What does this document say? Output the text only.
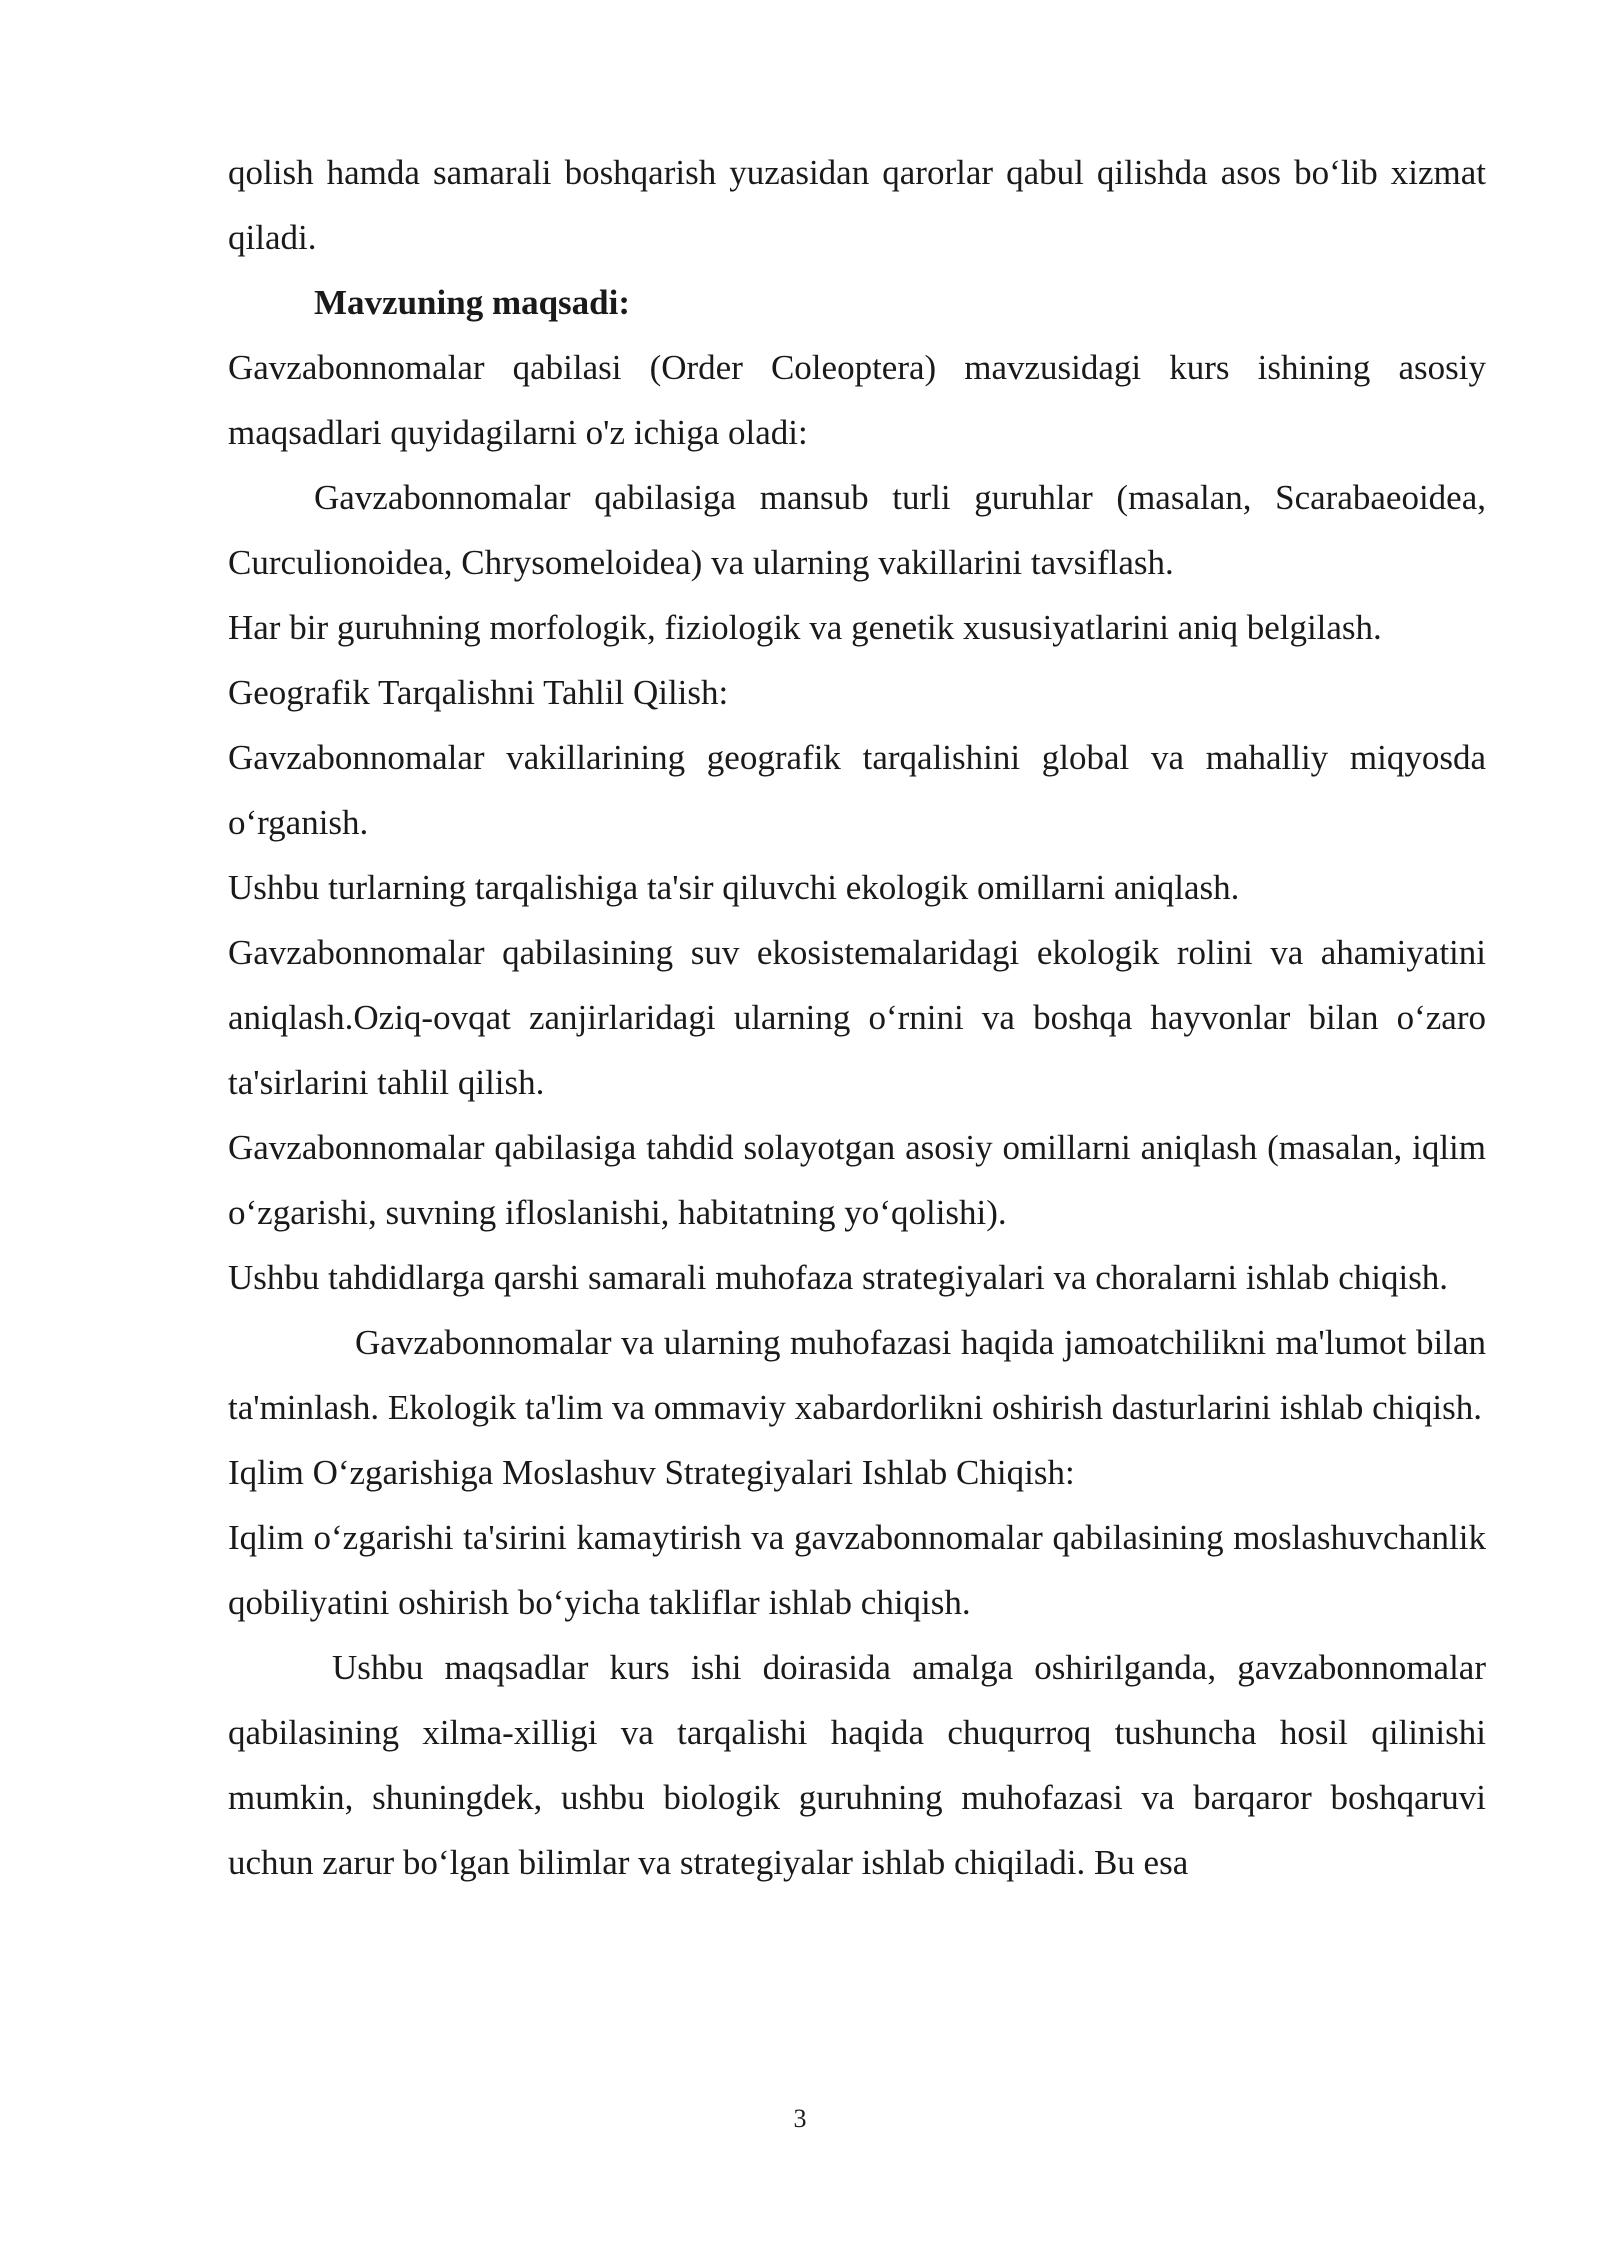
qolish hamda samarali boshqarish yuzasidan qarorlar qabul qilishda asos bo‘lib xizmat qiladi.

Mavzuning maqsadi:

Gavzabonnomalar qabilasi (Order Coleoptera) mavzusidagi kurs ishining asosiy maqsadlari quyidagilarni o'z ichiga oladi:

Gavzabonnomalar qabilasiga mansub turli guruhlar (masalan, Scarabaeoidea, Curculionoidea, Chrysomeloidea) va ularning vakillarini tavsiflash.

Har bir guruhning morfologik, fiziologik va genetik xususiyatlarini aniq belgilash.

Geografik Tarqalishni Tahlil Qilish:

Gavzabonnomalar vakillarining geografik tarqalishini global va mahalliy miqyosda o‘rganish.

Ushbu turlarning tarqalishiga ta'sir qiluvchi ekologik omillarni aniqlash.

Gavzabonnomalar qabilasining suv ekosistemalaridagi ekologik rolini va ahamiyatini aniqlash.Oziq-ovqat zanjirlaridagi ularning o‘rnini va boshqa hayvonlar bilan o‘zaro ta'sirlarini tahlil qilish.

Gavzabonnomalar qabilasiga tahdid solayotgan asosiy omillarni aniqlash (masalan, iqlim o‘zgarishi, suvning ifloslanishi, habitatning yo‘qolishi).

Ushbu tahdidlarga qarshi samarali muhofaza strategiyalari va choralarni ishlab chiqish.

Gavzabonnomalar va ularning muhofazasi haqida jamoatchilikni ma'lumot bilan ta'minlash. Ekologik ta'lim va ommaviy xabardorlikni oshirish dasturlarini ishlab chiqish.

Iqlim O‘zgarishiga Moslashuv Strategiyalari Ishlab Chiqish:

Iqlim o‘zgarishi ta'sirini kamaytirish va gavzabonnomalar qabilasining moslashuvchanlik qobiliyatini oshirish bo‘yicha takliflar ishlab chiqish.

Ushbu maqsadlar kurs ishi doirasida amalga oshirilganda, gavzabonnomalar qabilasining xilma-xilligi va tarqalishi haqida chuqurroq tushuncha hosil qilinishi mumkin, shuningdek, ushbu biologik guruhning muhofazasi va barqaror boshqaruvi uchun zarur bo‘lgan bilimlar va strategiyalar ishlab chiqiladi. Bu esa

3
